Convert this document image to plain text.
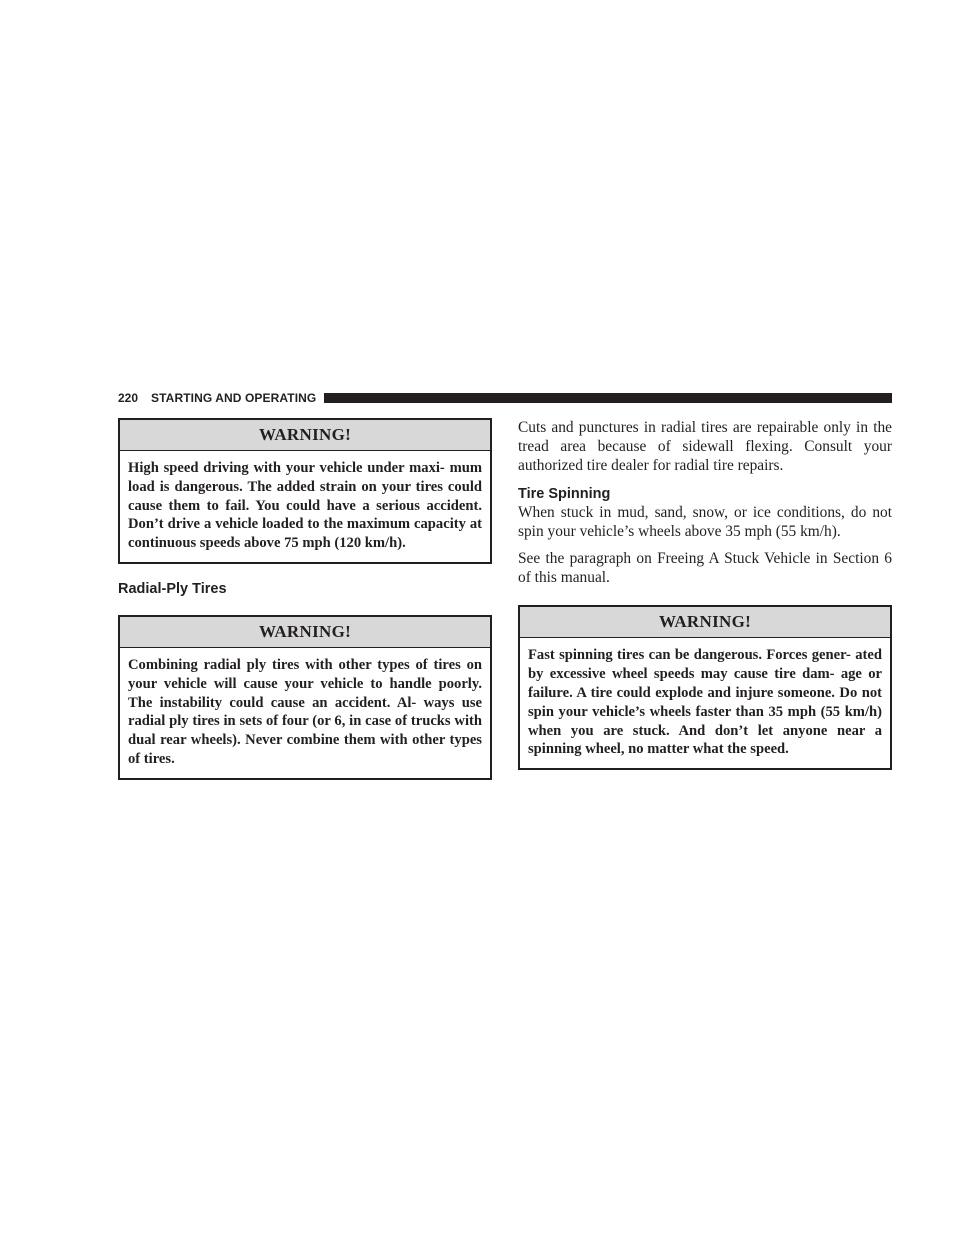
220 STARTING AND OPERATING
WARNING!
High speed driving with your vehicle under maxi- mum load is dangerous. The added strain on your tires could cause them to fail. You could have a serious accident. Don’t drive a vehicle loaded to the maximum capacity at continuous speeds above 75 mph (120 km/h).
Radial-Ply Tires
WARNING!
Combining radial ply tires with other types of tires on your vehicle will cause your vehicle to handle poorly. The instability could cause an accident. Al- ways use radial ply tires in sets of four (or 6, in case of trucks with dual rear wheels). Never combine them with other types of tires.

Cuts and punctures in radial tires are repairable only in the tread area because of sidewall flexing. Consult your authorized tire dealer for radial tire repairs.

Tire Spinning

When stuck in mud, sand, snow, or ice conditions, do not spin your vehicle’s wheels above 35 mph (55 km/h).

See the paragraph on Freeing A Stuck Vehicle in Section 6 of this manual.

WARNING!
Fast spinning tires can be dangerous. Forces gener- ated by excessive wheel speeds may cause tire dam- age or failure. A tire could explode and injure someone. Do not spin your vehicle’s wheels faster than 35 mph (55 km/h) when you are stuck. And don’t let anyone near a spinning wheel, no matter what the speed.
